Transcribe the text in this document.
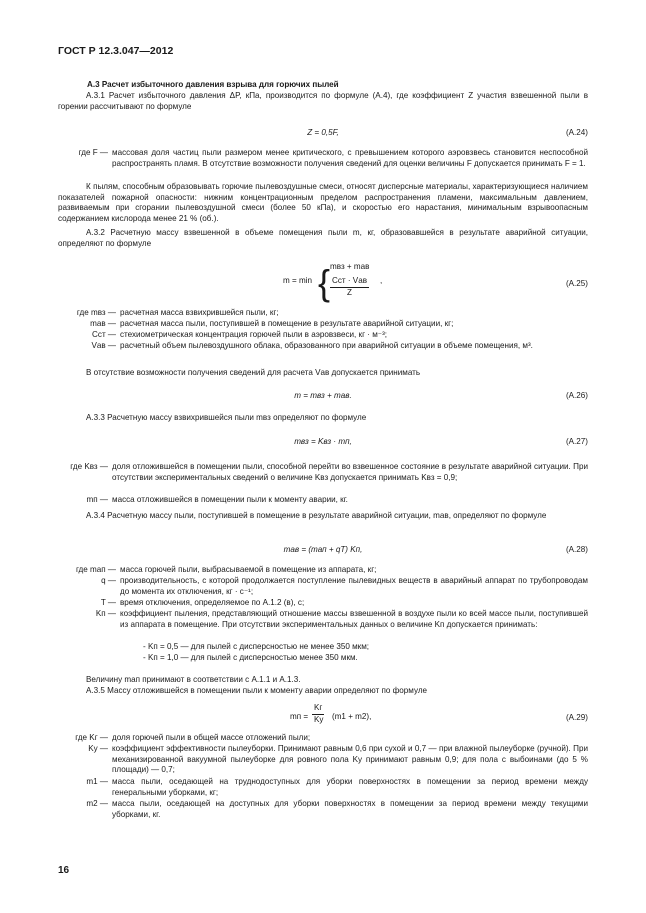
ГОСТ Р 12.3.047—2012
А.3 Расчет избыточного давления взрыва для горючих пылей
А.3.1 Расчет избыточного давления ΔP, кПа, производится по формуле (А.4), где коэффициент Z участия взвешенной пыли в горении рассчитывают по формуле
Z = 0,5F,	(А.24)
где F — массовая доля частиц пыли размером менее критического, с превышением которого аэровзвесь становится неспособной распространять пламя. В отсутствие возможности получения сведений для оценки величины F допускается принимать F = 1.
К пылям, способным образовывать горючие пылевоздушные смеси, относят дисперсные материалы, характеризующиеся наличием показателей пожарной опасности: нижним концентрационным пределом распространения пламени, максимальным давлением, развиваемым при сгорании пылевоздушной смеси (более 50 кПа), и скоростью его нарастания, минимальным взрывоопасным содержанием кислорода менее 21 % (об.).
А.3.2 Расчетную массу взвешенной в объеме помещения пыли m, кг, образовавшейся в результате аварийной ситуации, определяют по формуле
m = min { mвз + mав
Cст · Vав
Z
,	(А.25)
где mвз — расчетная масса взвихрившейся пыли, кг;
mав — расчетная масса пыли, поступившей в помещение в результате аварийной ситуации, кг;
Cст — стехиометрическая концентрация горючей пыли в аэровзвеси, кг · м⁻³;
Vав — расчетный объем пылевоздушного облака, образованного при аварийной ситуации в объеме помещения, м³.
В отсутствие возможности получения сведений для расчета Vав допускается принимать
m = mвз + mав.	(А.26)
А.3.3 Расчетную массу взвихрившейся пыли mвз определяют по формуле
mвз = Kвз · mп,	(А.27)
где Kвз — доля отложившейся в помещении пыли, способной перейти во взвешенное состояние в результате аварийной ситуации. При отсутствии экспериментальных сведений о величине Kвз допускается принимать Kвз = 0,9;
mп — масса отложившейся в помещении пыли к моменту аварии, кг.
А.3.4 Расчетную массу пыли, поступившей в помещение в результате аварийной ситуации, mав, определяют по формуле
mав = (mап + qT) Kп,	(А.28)
где mап — масса горючей пыли, выбрасываемой в помещение из аппарата, кг;
q — производительность, с которой продолжается поступление пылевидных веществ в аварийный аппарат по трубопроводам до момента их отключения, кг · с⁻¹;
T — время отключения, определяемое по А.1.2 (в), с;
Kп — коэффициент пыления, представляющий отношение массы взвешенной в воздухе пыли ко всей массе пыли, поступившей из аппарата в помещение. При отсутствии экспериментальных данных о величине Kп допускается принимать:
- Kп = 0,5 — для пылей с дисперсностью не менее 350 мкм;
- Kп = 1,0 — для пылей с дисперсностью менее 350 мкм.
Величину mап принимают в соответствии с А.1.1 и А.1.3.
А.3.5 Массу отложившейся в помещении пыли к моменту аварии определяют по формуле
mп =
Kг
Kу (m1 + m2),	(А.29)
где Kг — доля горючей пыли в общей массе отложений пыли;
Kу — коэффициент эффективности пылеуборки. Принимают равным 0,6 при сухой и 0,7 — при влажной пылеуборке (ручной). При механизированной вакуумной пылеуборке для ровного пола Kу принимают равным 0,9; для пола с выбоинами (до 5 % площади) — 0,7;
m1 — масса пыли, оседающей на труднодоступных для уборки поверхностях в помещении за период времени между генеральными уборками, кг;
m2 — масса пыли, оседающей на доступных для уборки поверхностях в помещении за период времени между текущими уборками, кг.
16
